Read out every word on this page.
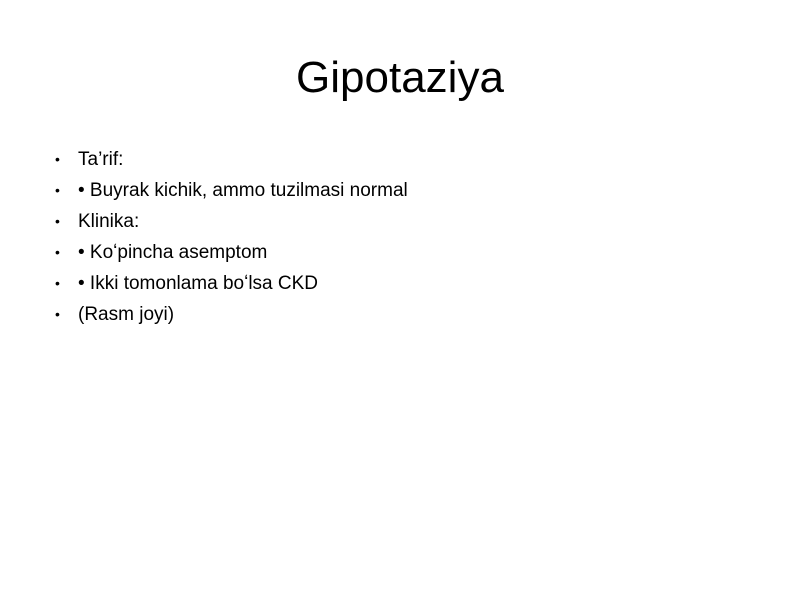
Gipotaziya
• Ta’rif:
• • Buyrak kichik, ammo tuzilmasi normal
• Klinika:
• • Koʻpincha asemptom
• • Ikki tomonlama boʻlsa CKD
• (Rasm joyi)
